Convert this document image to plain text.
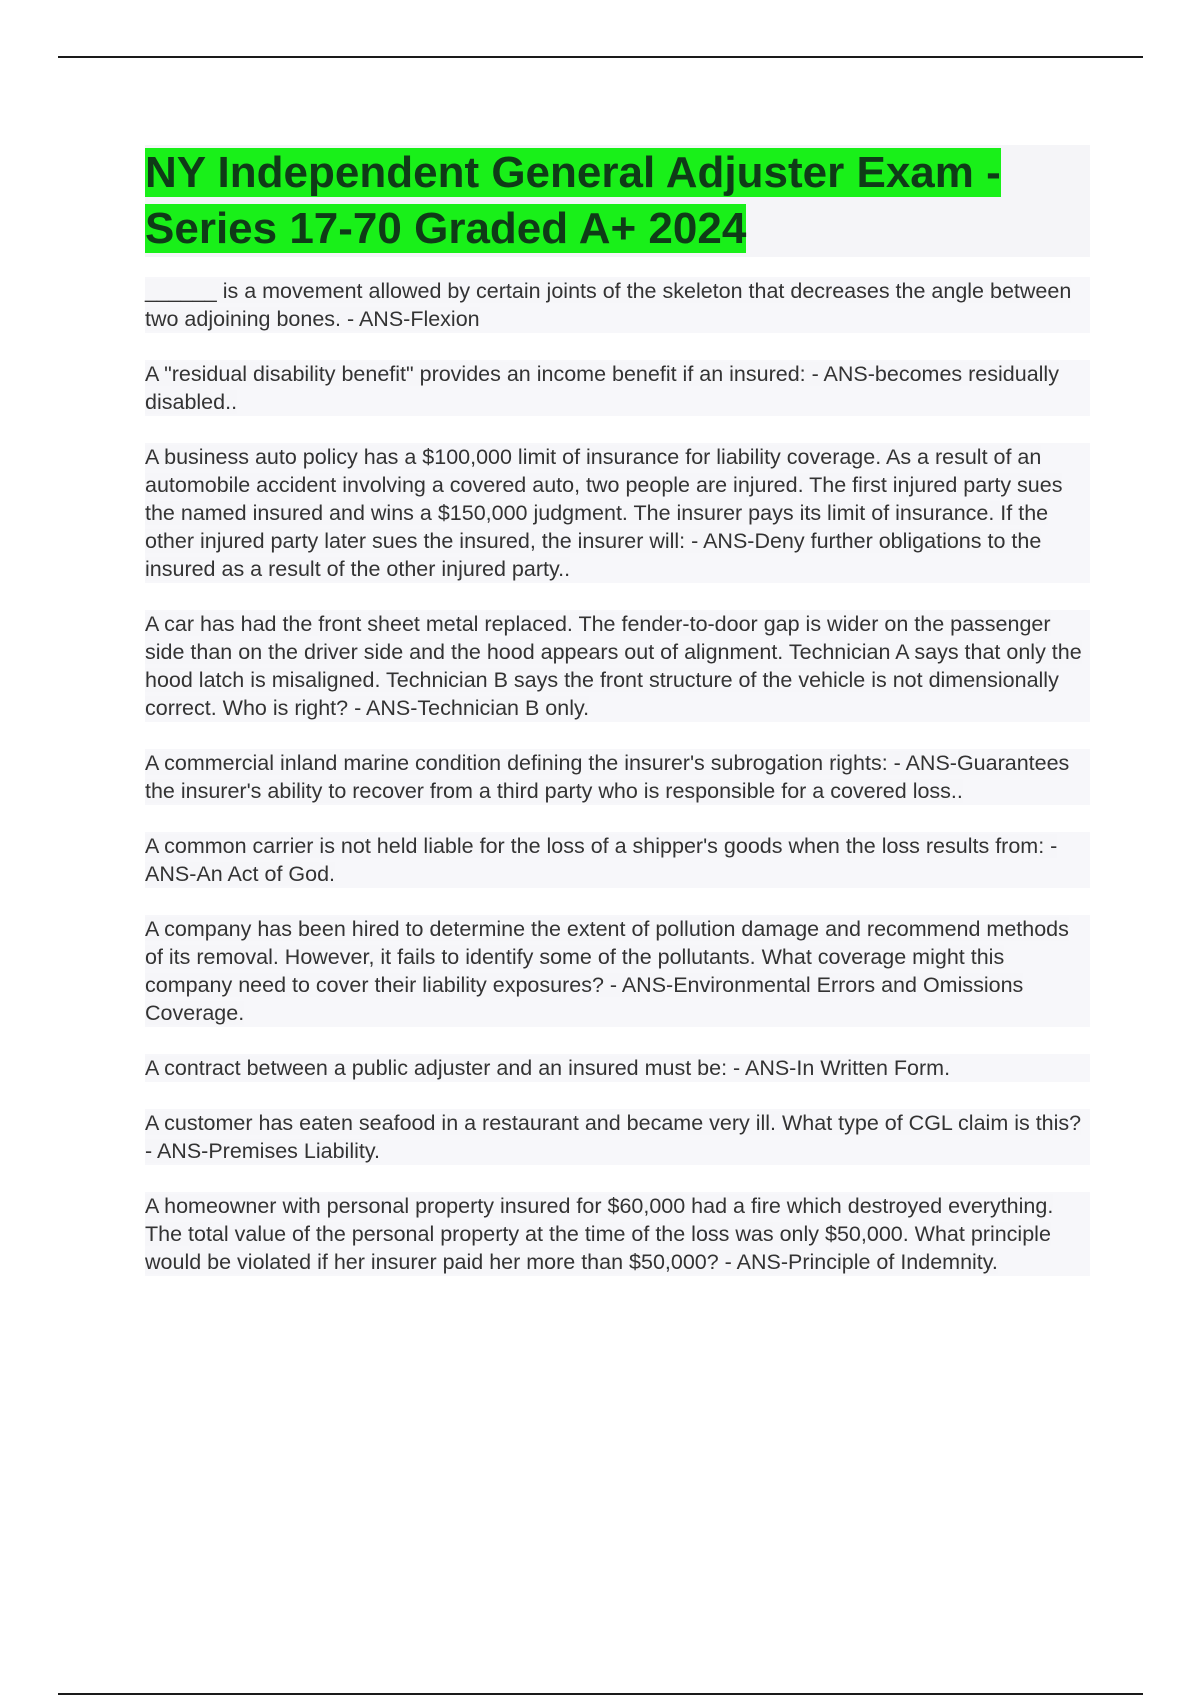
NY Independent General Adjuster Exam - Series 17-70 Graded A+ 2024

______ is a movement allowed by certain joints of the skeleton that decreases the angle between two adjoining bones. - ANS-Flexion

A "residual disability benefit" provides an income benefit if an insured: - ANS-becomes residually disabled..

A business auto policy has a $100,000 limit of insurance for liability coverage. As a result of an automobile accident involving a covered auto, two people are injured. The first injured party sues the named insured and wins a $150,000 judgment. The insurer pays its limit of insurance. If the other injured party later sues the insured, the insurer will: - ANS-Deny further obligations to the insured as a result of the other injured party..

A car has had the front sheet metal replaced. The fender-to-door gap is wider on the passenger side than on the driver side and the hood appears out of alignment. Technician A says that only the hood latch is misaligned. Technician B says the front structure of the vehicle is not dimensionally correct. Who is right? - ANS-Technician B only.

A commercial inland marine condition defining the insurer's subrogation rights: - ANS-Guarantees the insurer's ability to recover from a third party who is responsible for a covered loss..

A common carrier is not held liable for the loss of a shipper's goods when the loss results from: - ANS-An Act of God.

A company has been hired to determine the extent of pollution damage and recommend methods of its removal. However, it fails to identify some of the pollutants. What coverage might this company need to cover their liability exposures? - ANS-Environmental Errors and Omissions Coverage.

A contract between a public adjuster and an insured must be: - ANS-In Written Form.

A customer has eaten seafood in a restaurant and became very ill. What type of CGL claim is this? - ANS-Premises Liability.

A homeowner with personal property insured for $60,000 had a fire which destroyed everything. The total value of the personal property at the time of the loss was only $50,000. What principle would be violated if her insurer paid her more than $50,000? - ANS-Principle of Indemnity.
